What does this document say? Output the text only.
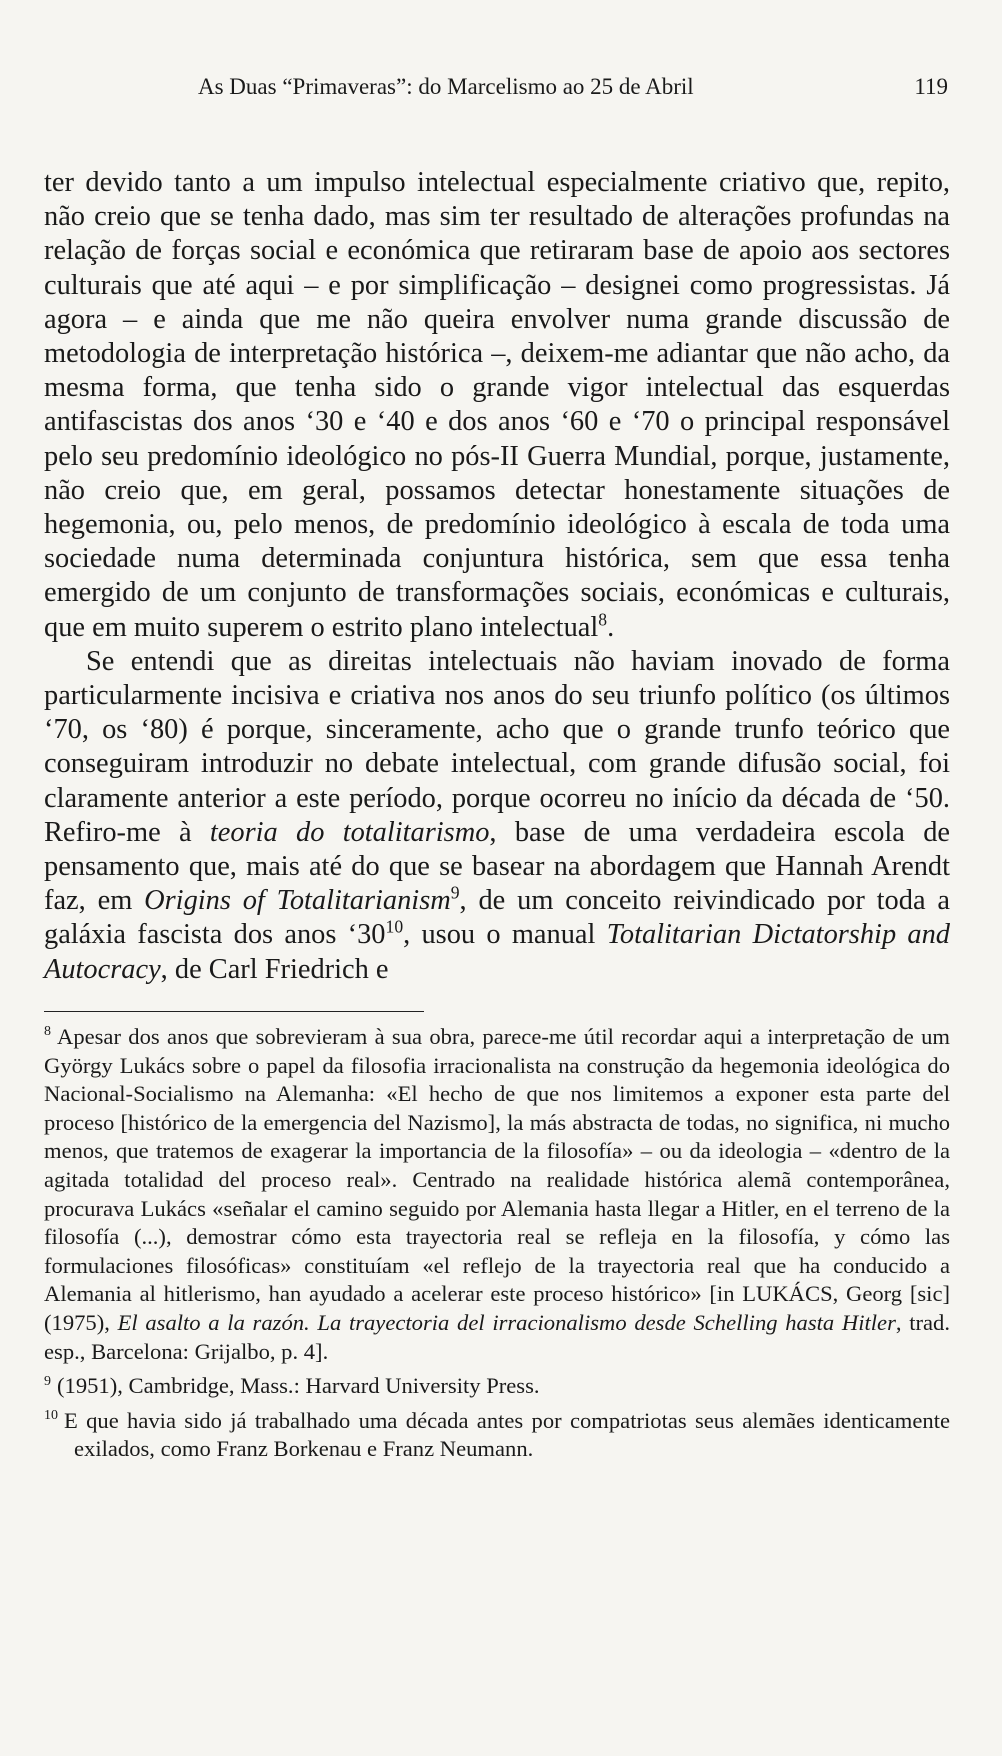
As Duas “Primaveras”: do Marcelismo ao 25 de Abril	119

ter devido tanto a um impulso intelectual especialmente criativo que, repito, não creio que se tenha dado, mas sim ter resultado de alterações profundas na relação de forças social e económica que retiraram base de apoio aos sectores culturais que até aqui – e por simplificação – designei como progressistas. Já agora – e ainda que me não queira envolver numa grande discussão de metodologia de interpretação histórica –, deixem-me adiantar que não acho, da mesma forma, que tenha sido o grande vigor intelectual das esquerdas antifascistas dos anos ‘30 e ‘40 e dos anos ‘60 e ‘70 o principal responsável pelo seu predomínio ideológico no pós-II Guerra Mundial, porque, justamente, não creio que, em geral, possamos detectar honestamente situações de hegemonia, ou, pelo menos, de predomínio ideológico à escala de toda uma sociedade numa determinada conjuntura histórica, sem que essa tenha emergido de um conjunto de transformações sociais, económicas e culturais, que em muito superem o estrito plano intelectual$^8$.

Se entendi que as direitas intelectuais não haviam inovado de forma particularmente incisiva e criativa nos anos do seu triunfo político (os últimos ‘70, os ‘80) é porque, sinceramente, acho que o grande trunfo teórico que conseguiram introduzir no debate intelectual, com grande difusão social, foi claramente anterior a este período, porque ocorreu no início da década de ‘50. Refiro-me à teoria do totalitarismo, base de uma verdadeira escola de pensamento que, mais até do que se basear na abordagem que Hannah Arendt faz, em Origins of Totalitarianism$^9$, de um conceito reivindicado por toda a galáxia fascista dos anos ‘$30^{10}$, usou o manual Totalitarian Dictatorship and Autocracy, de Carl Friedrich e

$^8$ Apesar dos anos que sobrevieram à sua obra, parece-me útil recordar aqui a interpretação de um György Lukács sobre o papel da filosofia irracionalista na construção da hegemonia ideológica do Nacional-Socialismo na Alemanha: «El hecho de que nos limitemos a exponer esta parte del proceso [histórico de la emergencia del Nazismo], la más abstracta de todas, no significa, ni mucho menos, que tratemos de exagerar la importancia de la filosofía» – ou da ideologia – «dentro de la agitada totalidad del proceso real». Centrado na realidade histórica alemã contemporânea, procurava Lukács «señalar el camino seguido por Alemania hasta llegar a Hitler, en el terreno de la filosofía (...), demostrar cómo esta trayectoria real se refleja en la filosofía, y cómo las formulaciones filosóficas» constituíam «el reflejo de la trayectoria real que ha conducido a Alemania al hitlerismo, han ayudado a acelerar este proceso histórico» [in LUKÁCS, Georg [sic] (1975), El asalto a la razón. La trayectoria del irracionalismo desde Schelling hasta Hitler, trad. esp., Barcelona: Grijalbo, p. 4].

$^9$ (1951), Cambridge, Mass.: Harvard University Press.

$^{10}$ E que havia sido já trabalhado uma década antes por compatriotas seus alemães identicamente exilados, como Franz Borkenau e Franz Neumann.
